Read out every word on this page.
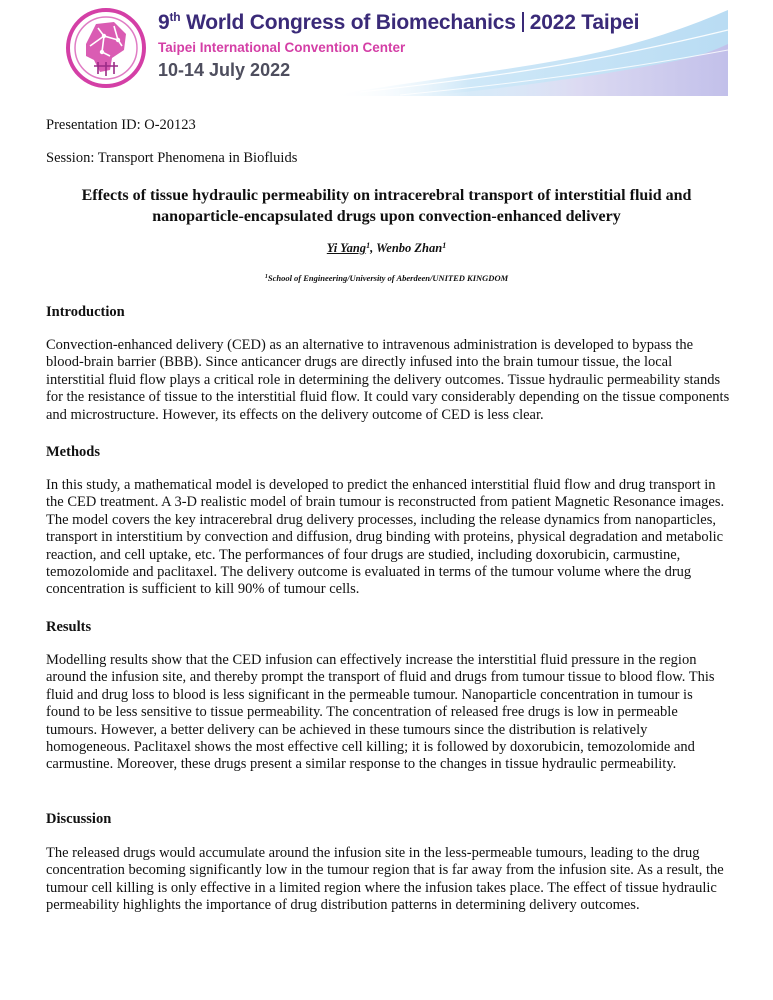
9th World Congress of Biomechanics 2022 Taipei
Taipei International Convention Center
10-14 July 2022
Presentation ID: O-20123
Session: Transport Phenomena in Biofluids
Effects of tissue hydraulic permeability on intracerebral transport of interstitial fluid and
nanoparticle-encapsulated drugs upon convection-enhanced delivery
Yi Yang$^1$, Wenbo Zhan$^1$
$^1$School of Engineering/University of Aberdeen/UNITED KINGDOM
Introduction

Convection-enhanced delivery (CED) as an alternative to intravenous administration is developed to bypass the blood-brain barrier (BBB). Since anticancer drugs are directly infused into the brain tumour tissue, the local interstitial fluid flow plays a critical role in determining the delivery outcomes. Tissue hydraulic permeability stands for the resistance of tissue to the interstitial fluid flow. It could vary considerably depending on the tissue components and microstructure. However, its effects on the delivery outcome of CED is less clear.

Methods

In this study, a mathematical model is developed to predict the enhanced interstitial fluid flow and drug transport in the CED treatment. A 3-D realistic model of brain tumour is reconstructed from patient Magnetic Resonance images. The model covers the key intracerebral drug delivery processes, including the release dynamics from nanoparticles, transport in interstitium by convection and diffusion, drug binding with proteins, physical degradation and metabolic reaction, and cell uptake, etc. The performances of four drugs are studied, including doxorubicin, carmustine, temozolomide and paclitaxel. The delivery outcome is evaluated in terms of the tumour volume where the drug concentration is sufficient to kill 90% of tumour cells.

Results

Modelling results show that the CED infusion can effectively increase the interstitial fluid pressure in the region around the infusion site, and thereby prompt the transport of fluid and drugs from tumour tissue to blood flow. This fluid and drug loss to blood is less significant in the permeable tumour. Nanoparticle concentration in tumour is found to be less sensitive to tissue permeability. The concentration of released free drugs is low in permeable tumours. However, a better delivery can be achieved in these tumours since the distribution is relatively homogeneous. Paclitaxel shows the most effective cell killing; it is followed by doxorubicin, temozolomide and carmustine. Moreover, these drugs present a similar response to the changes in tissue hydraulic permeability.

Discussion

The released drugs would accumulate around the infusion site in the less-permeable tumours, leading to the drug concentration becoming significantly low in the tumour region that is far away from the infusion site. As a result, the tumour cell killing is only effective in a limited region where the infusion takes place. The effect of tissue hydraulic permeability highlights the importance of drug distribution patterns in determining delivery outcomes.
